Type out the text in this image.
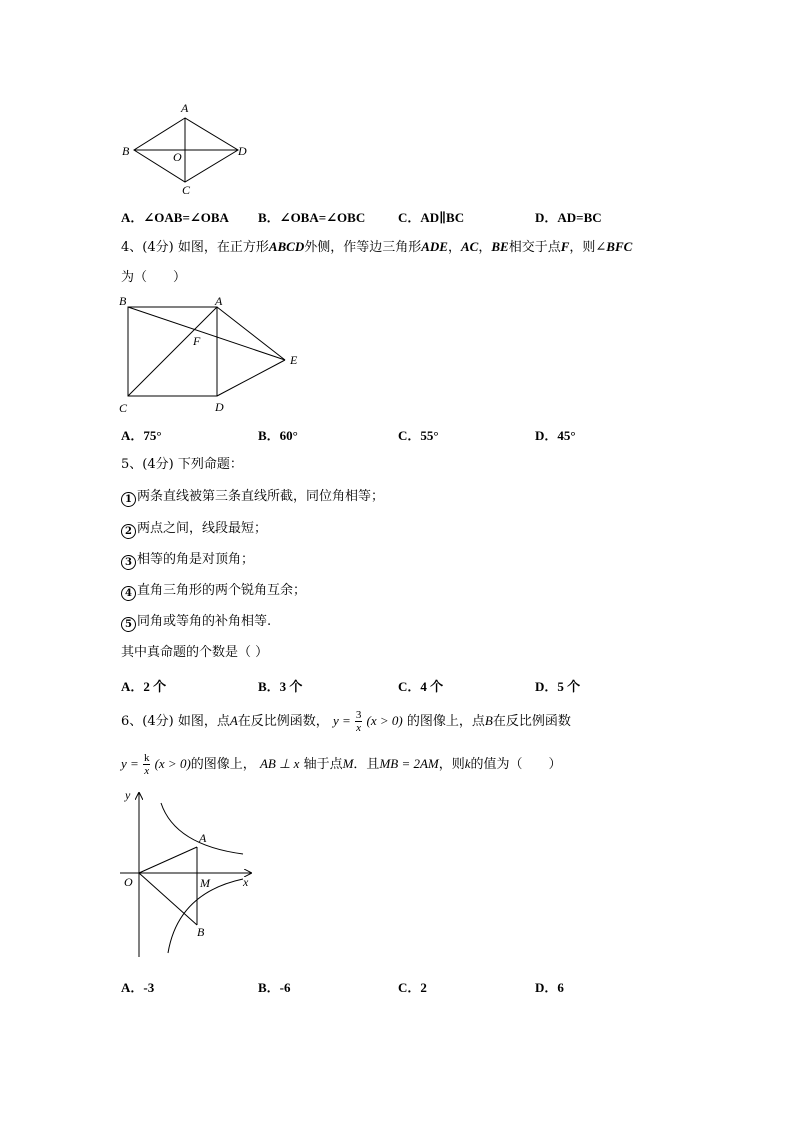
A
B	O	D
C
A．∠OAB=∠OBA B．∠OBA=∠OBC	C．AD∥BC	D．AD=BC
4、(4分) 如图，在正方形ABCD外侧，作等边三角形ADE，AC，BE相交于点F，则∠BFC
为（　　）
B	A
F
E
C	D
A．75°	B．60°	C．55°	D．45°
5、(4分) 下列命题：
1 两条直线被第三条直线所截，同位角相等；
2 两点之间，线段最短；
3 相等的角是对顶角；
4 直角三角形的两个锐角互余；
5 同角或等角的补角相等.
其中真命题的个数是（ ）
A．2 个	B．3 个	C．4 个	D．5 个
6、(4分) 如图，点A在反比例函数， $y = \frac{3}{x} (x > 0)$ 的图像上，点B在反比例函数
$y = \frac{k}{x} (x > 0)$的图像上， AB ⊥ x 轴于点M．且MB = 2AM，则k的值为（　　）
y
A
O	M	x
B
A．-3	B．-6	C．2	D．6
